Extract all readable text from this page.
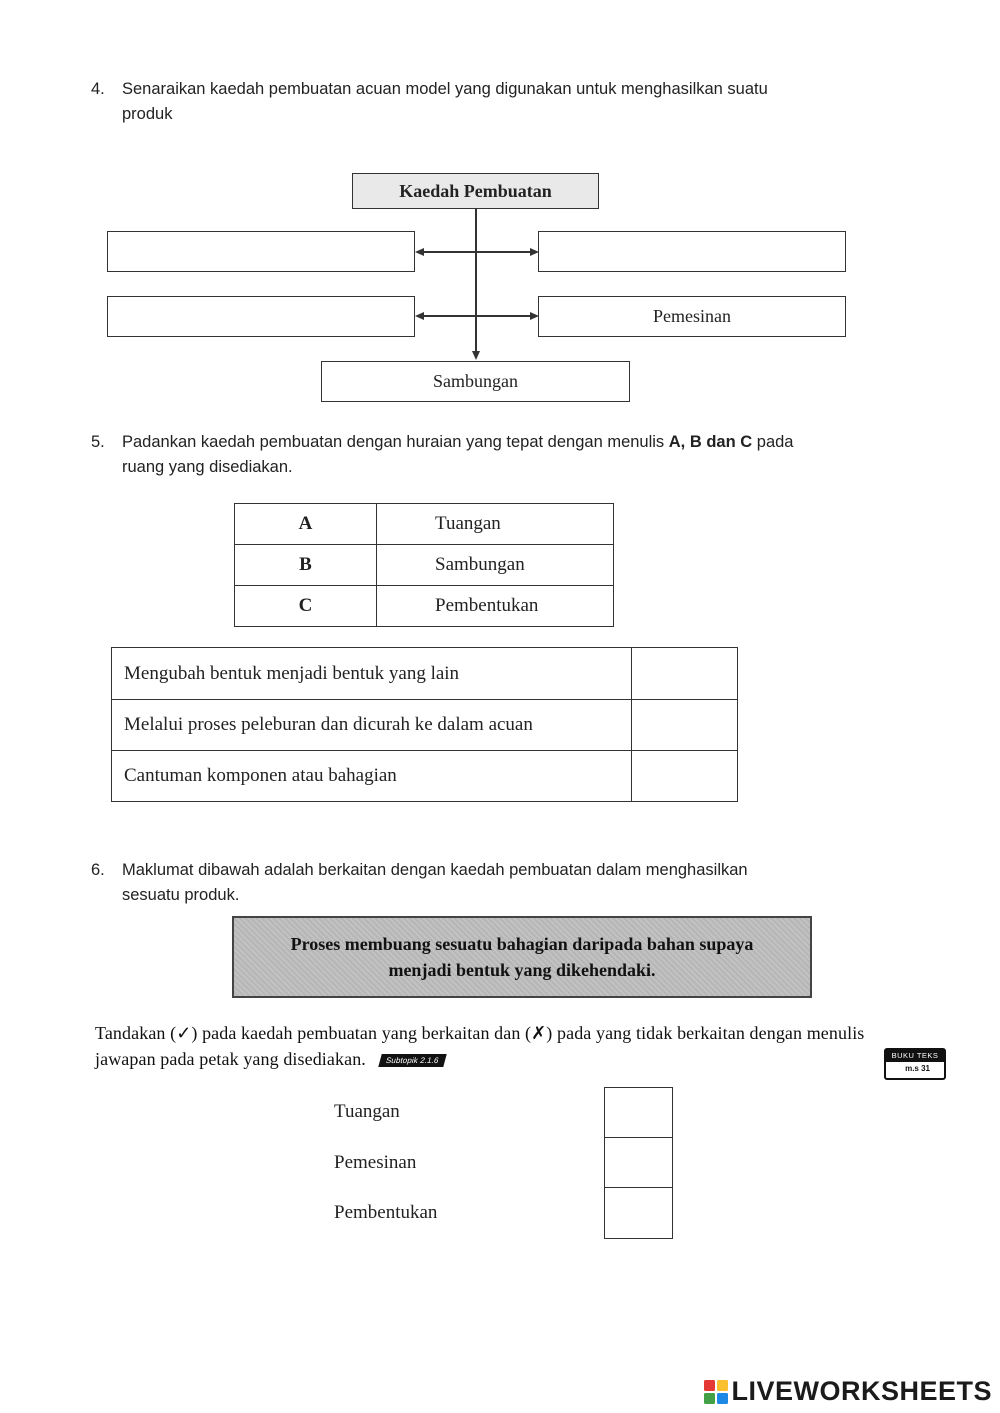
4. Senaraikan kaedah pembuatan acuan model yang digunakan untuk menghasilkan suatu
produk
Kaedah Pembuatan
Pemesinan
Sambungan
5. Padankan kaedah pembuatan dengan huraian yang tepat dengan menulis A, B dan C pada
ruang yang disediakan.
A	Tuangan
B	Sambungan
C	Pembentukan
Mengubah bentuk menjadi bentuk yang lain	
Melalui proses peleburan dan dicurah ke dalam acuan	
Cantuman komponen atau bahagian	
6. Maklumat dibawah adalah berkaitan dengan kaedah pembuatan dalam menghasilkan
sesuatu produk.
Proses membuang sesuatu bahagian daripada bahan supaya
menjadi bentuk yang dikehendaki.
Tandakan (✓) pada kaedah pembuatan yang berkaitan dan (✗) pada yang tidak berkaitan dengan menulis
jawapan pada petak yang disediakan. Subtopik 2.1.6
BUKU TEKS
m.s 31
Tuangan
Pemesinan
Pembentukan
LIVEWORKSHEETS
